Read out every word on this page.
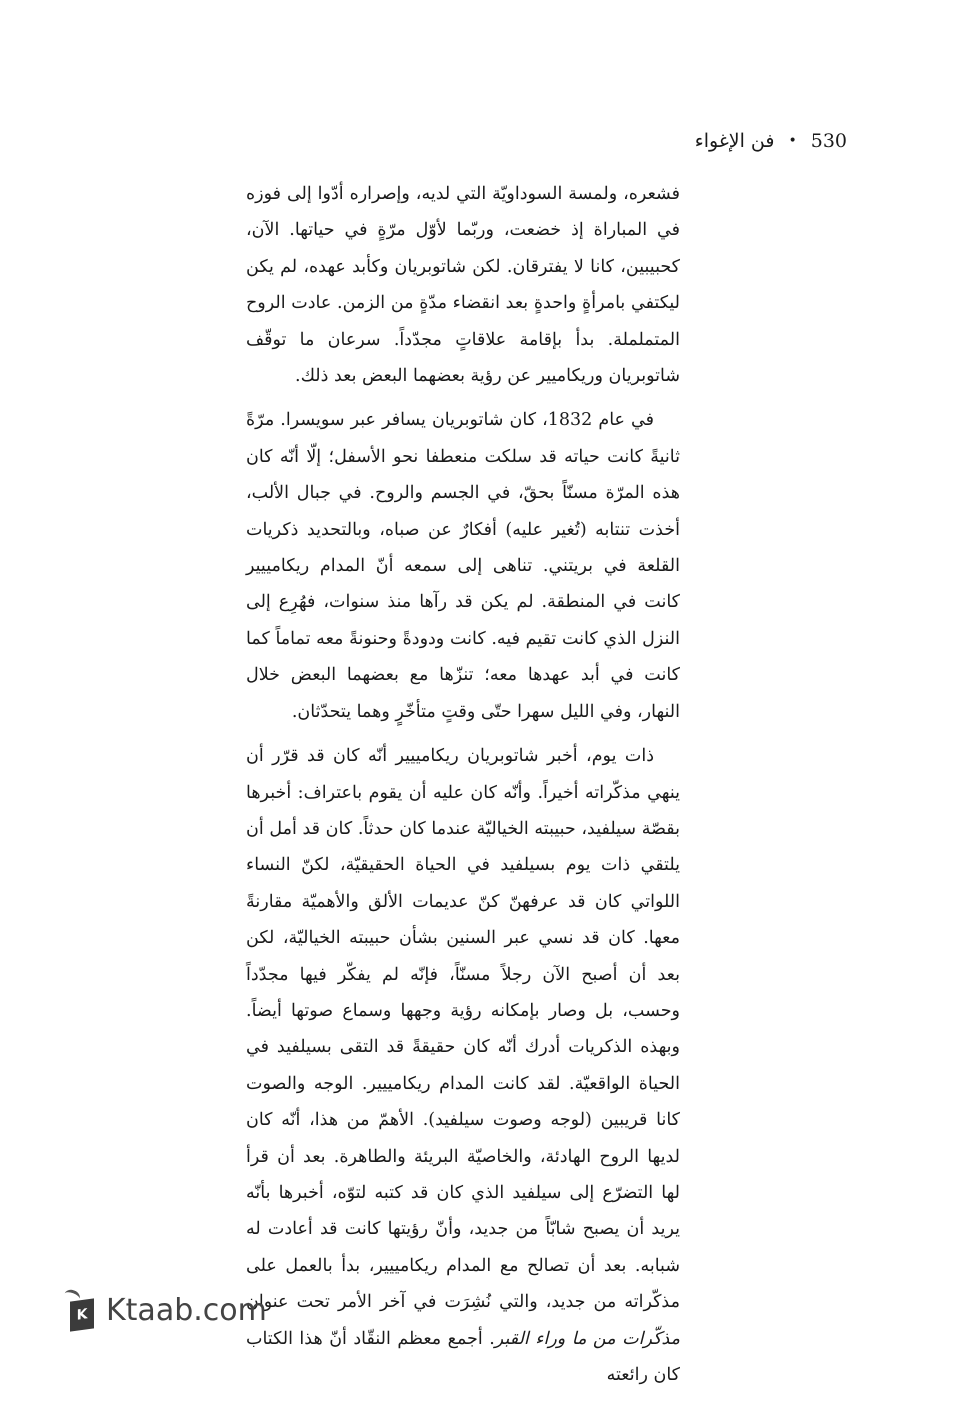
530
•
فن الإغواء

فشعره، ولمسة السوداويّة التي لديه، وإصراره أدّوا إلى فوزه في المباراة إذ خضعت، وربّما لأوّل مرّةٍ في حياتها. الآن، كحبيبين، كانا لا يفترقان. لكن شاتوبريان وكأبد عهده، لم يكن ليكتفي بامرأةٍ واحدةٍ بعد انقضاء مدّةٍ من الزمن. عادت الروح المتململة. بدأ بإقامة علاقاتٍ مجدّداً. سرعان ما توقّف شاتوبريان وريكاميير عن رؤية بعضهما البعض بعد ذلك.

في عام 1832، كان شاتوبريان يسافر عبر سويسرا. مرّةً ثانيةً كانت حياته قد سلكت منعطفا نحو الأسفل؛ إلّا أنّه كان هذه المرّة مسنّاً بحقّ، في الجسم والروح. في جبال الألب، أخذت تنتابه (تُغير عليه) أفكارٌ عن صباه، وبالتحديد ذكريات القلعة في بريتني. تناهى إلى سمعه أنّ المدام ريكامييير كانت في المنطقة. لم يكن قد رآها منذ سنوات، فهُرِع إلى النزل الذي كانت تقيم فيه. كانت ودودةً وحنونةً معه تماماً كما كانت في أبد عهدها معه؛ تنزّها مع بعضهما البعض خلال النهار، وفي الليل سهرا حتّى وقتٍ متأخّرٍ وهما يتحدّثان.

ذات يوم، أخبر شاتوبريان ريكامييير أنّه كان قد قرّر أن ينهي مذكّراته أخيراً. وأنّه كان عليه أن يقوم باعتراف: أخبرها بقصّة سيلفيد، حبيبته الخياليّة عندما كان حدثاً. كان قد أمل أن يلتقي ذات يوم بسيلفيد في الحياة الحقيقيّة، لكنّ النساء اللواتي كان قد عرفهنّ كنّ عديمات الألق والأهميّة مقارنةً معها. كان قد نسي عبر السنين بشأن حبيبته الخياليّة، لكن بعد أن أصبح الآن رجلاً مسنّاً، فإنّه لم يفكّر فيها مجدّداً وحسب، بل وصار بإمكانه رؤية وجهها وسماع صوتها أيضاً. وبهذه الذكريات أدرك أنّه كان حقيقةً قد التقى بسيلفيد في الحياة الواقعيّة. لقد كانت المدام ريكامييير. الوجه والصوت كانا قريبين (لوجه وصوت سيلفيد). الأهمّ من هذا، أنّه كان لديها الروح الهادئة، والخاصيّة البريئة والطاهرة. بعد أن قرأ لها التضرّع إلى سيلفيد الذي كان قد كتبه لتوّه، أخبرها بأنّه يريد أن يصبح شابّاً من جديد، وأنّ رؤيتها كانت قد أعادت له شبابه. بعد أن تصالح مع المدام ريكامييير، بدأ بالعمل على مذكّراته من جديد، والتي نُشِرَت في آخر الأمر تحت عنوان مذكّرات من ما وراء القبر. أجمع معظم النقّاد أنّ هذا الكتاب كان رائعته

K Ktaab.com
